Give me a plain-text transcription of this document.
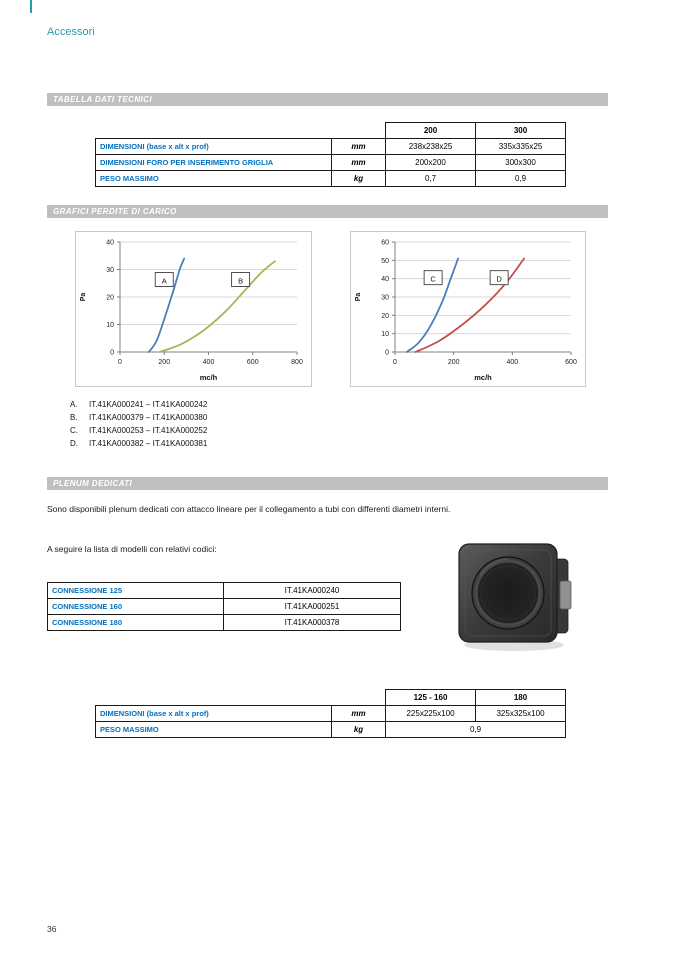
Accessori
TABELLA DATI TECNICI
		200	300
DIMENSIONI (base x alt x prof)	mm	238x238x25	335x335x25
DIMENSIONI FORO PER INSERIMENTO GRIGLIA	mm	200x200	300x300
PESO MASSIMO	kg	0,7	0,9
GRAFICI PERDITE DI CARICO
0
10
20
30
40
0	200	400	600	800
A	B
Pa
mc/h
0
10
20
30
40
50
60
0	200	400	600
C	D
Pa
mc/h
A.	IT.41KA000241 – IT.41KA000242
B.	IT.41KA000379 – IT.41KA000380
C.	IT.41KA000253 – IT.41KA000252
D.	IT.41KA000382 – IT.41KA000381
PLENUM DEDICATI
Sono disponibili plenum dedicati con attacco lineare per il collegamento a tubi con differenti diametri interni.
A seguire la lista di modelli con relativi codici:
CONNESSIONE 125	IT.41KA000240
CONNESSIONE 160	IT.41KA000251
CONNESSIONE 180	IT.41KA000378
		125 - 160	180
DIMENSIONI (base x alt x prof)	mm	225x225x100	325x325x100
PESO MASSIMO	kg	0,9	
36
